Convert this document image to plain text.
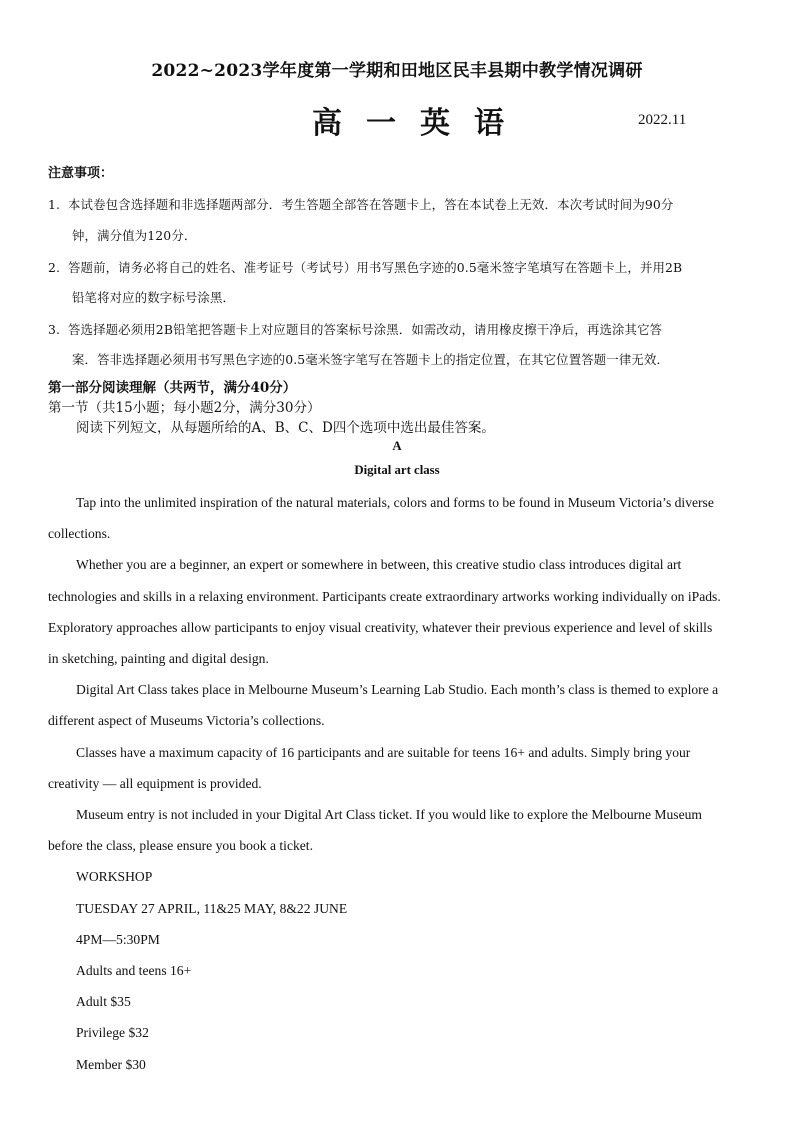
2022~2023学年度第一学期和田地区民丰县期中教学情况调研
高一英语	2022.11
注意事项：
1. 本试卷包含选择题和非选择题两部分．考生答题全部答在答题卡上，答在本试卷上无效．本次考试时间为90分
钟，满分值为120分．
2. 答题前，请务必将自己的姓名、准考证号（考试号）用书写黑色字迹的0.5毫米签字笔填写在答题卡上，并用2B
铅笔将对应的数字标号涂黑．
3. 答选择题必须用2B铅笔把答题卡上对应题目的答案标号涂黑．如需改动，请用橡皮擦干净后，再选涂其它答
案．答非选择题必须用书写黑色字迹的0.5毫米签字笔写在答题卡上的指定位置，在其它位置答题一律无效．
第一部分阅读理解（共两节，满分40分）
第一节（共15小题；每小题2分，满分30分）
阅读下列短文，从每题所给的A、B、C、D四个选项中选出最佳答案。
A
Digital art class
Tap into the unlimited inspiration of the natural materials, colors and forms to be found in Museum Victoria’s diverse
collections.
Whether you are a beginner, an expert or somewhere in between, this creative studio class introduces digital art
technologies and skills in a relaxing environment. Participants create extraordinary artworks working individually on iPads.
Exploratory approaches allow participants to enjoy visual creativity, whatever their previous experience and level of skills
in sketching, painting and digital design.
Digital Art Class takes place in Melbourne Museum’s Learning Lab Studio. Each month’s class is themed to explore a
different aspect of Museums Victoria’s collections.
Classes have a maximum capacity of 16 participants and are suitable for teens 16+ and adults. Simply bring your
creativity — all equipment is provided.
Museum entry is not included in your Digital Art Class ticket. If you would like to explore the Melbourne Museum
before the class, please ensure you book a ticket.
WORKSHOP
TUESDAY 27 APRIL, 11&25 MAY, 8&22 JUNE
4PM—5:30PM
Adults and teens 16+
Adult $35
Privilege $32
Member $30
